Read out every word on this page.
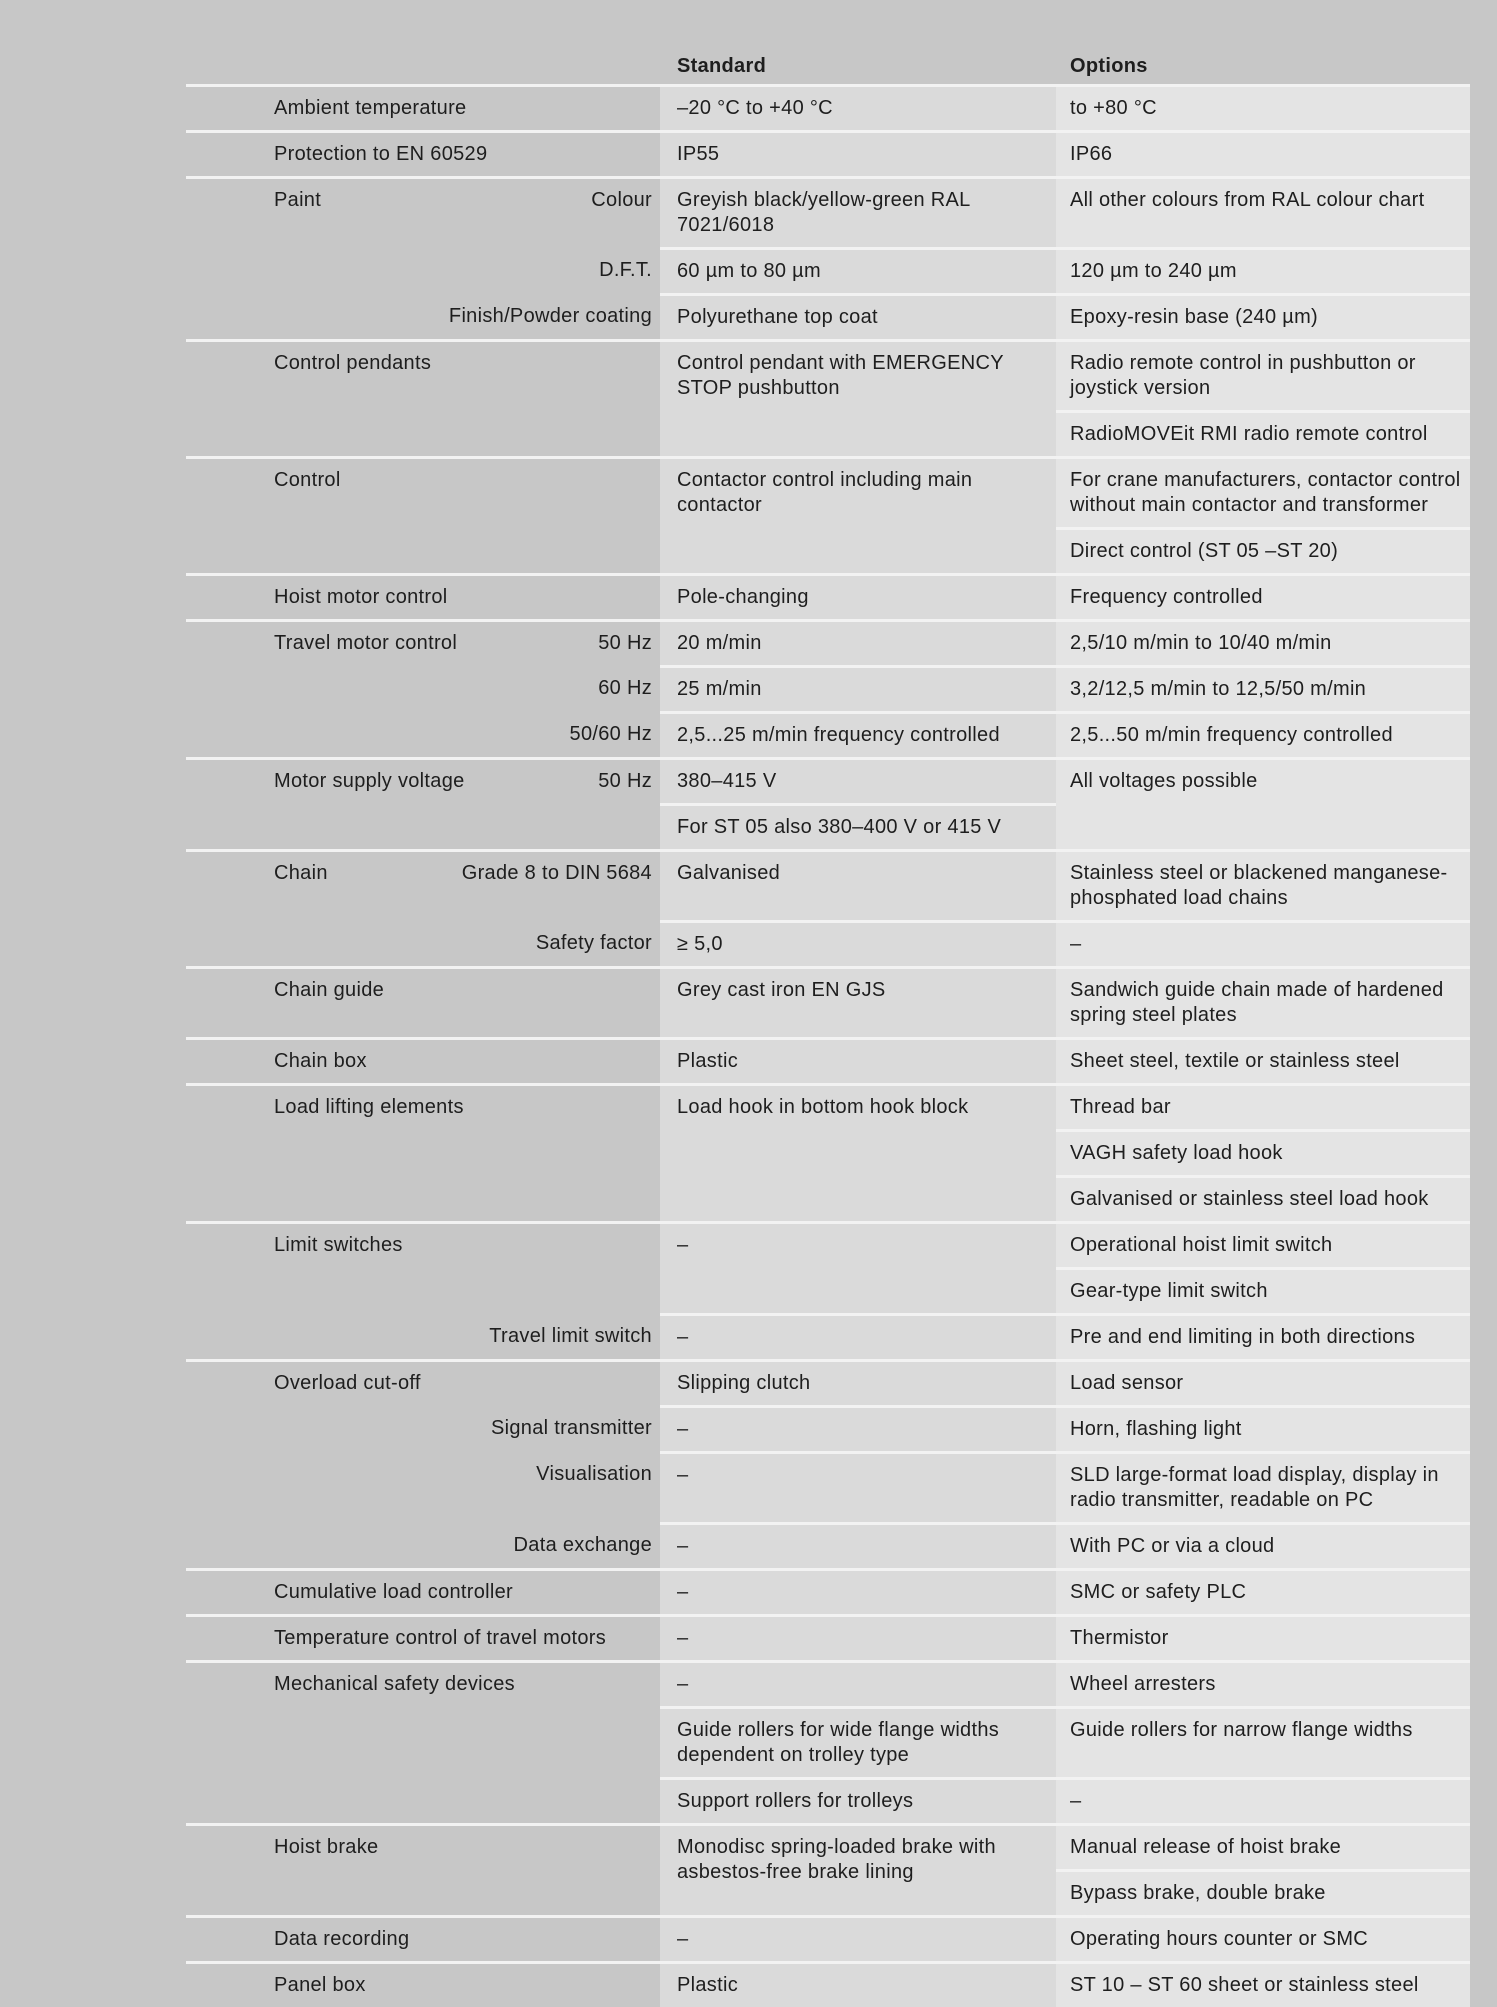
	Standard	Options
Ambient temperature	–20 °C to +40 °C	to +80 °C
Protection to EN 60529	IP55	IP66

Paint Colour	Greyish black/yellow-green RAL 7021/6018	All other colours from RAL colour chart

D.F.T.	60 µm to 80 µm	120 µm to 240 µm

Finish/Powder coating	Polyurethane top coat	Epoxy-resin base (240 µm)
Control pendants	Control pendant with EMERGENCY STOP pushbutton	Radio remote control in pushbutton or joystick version
		RadioMOVEit RMI radio remote control
Control	Contactor control including main contactor	For crane manufacturers, contactor control without main contactor and transformer
		Direct control (ST 05 –ST 20)
Hoist motor control	Pole-changing	Frequency controlled

Travel motor control 50 Hz	20 m/min	2,5/10 m/min to 10/40 m/min

60 Hz	25 m/min	3,2/12,5 m/min to 12,5/50 m/min

50/60 Hz	2,5...25 m/min frequency controlled	2,5...50 m/min frequency controlled

Motor supply voltage 50 Hz	380–415 V	All voltages possible
	For ST 05 also 380–400 V or 415 V	

Chain Grade 8 to DIN 5684	Galvanised	Stainless steel or blackened manganese-phosphated load chains

Safety factor	≥ 5,0	–
Chain guide	Grey cast iron EN GJS	Sandwich guide chain made of hardened spring steel plates
Chain box	Plastic	Sheet steel, textile or stainless steel
Load lifting elements	Load hook in bottom hook block	Thread bar
		VAGH safety load hook
		Galvanised or stainless steel load hook
Limit switches	–	Operational hoist limit switch
		Gear-type limit switch

Travel limit switch	–	Pre and end limiting in both directions
Overload cut-off	Slipping clutch	Load sensor

Signal transmitter	–	Horn, flashing light

Visualisation	–	SLD large-format load display, display in radio transmitter, readable on PC

Data exchange	–	With PC or via a cloud
Cumulative load controller	–	SMC or safety PLC
Temperature control of travel motors	–	Thermistor
Mechanical safety devices	–	Wheel arresters
	Guide rollers for wide flange widths dependent on trolley type	Guide rollers for narrow flange widths
	Support rollers for trolleys	–
Hoist brake	Monodisc spring-loaded brake with asbestos-free brake lining	Manual release of hoist brake
		Bypass brake, double brake
Data recording	–	Operating hours counter or SMC
Panel box	Plastic	ST 10 – ST 60 sheet or stainless steel
